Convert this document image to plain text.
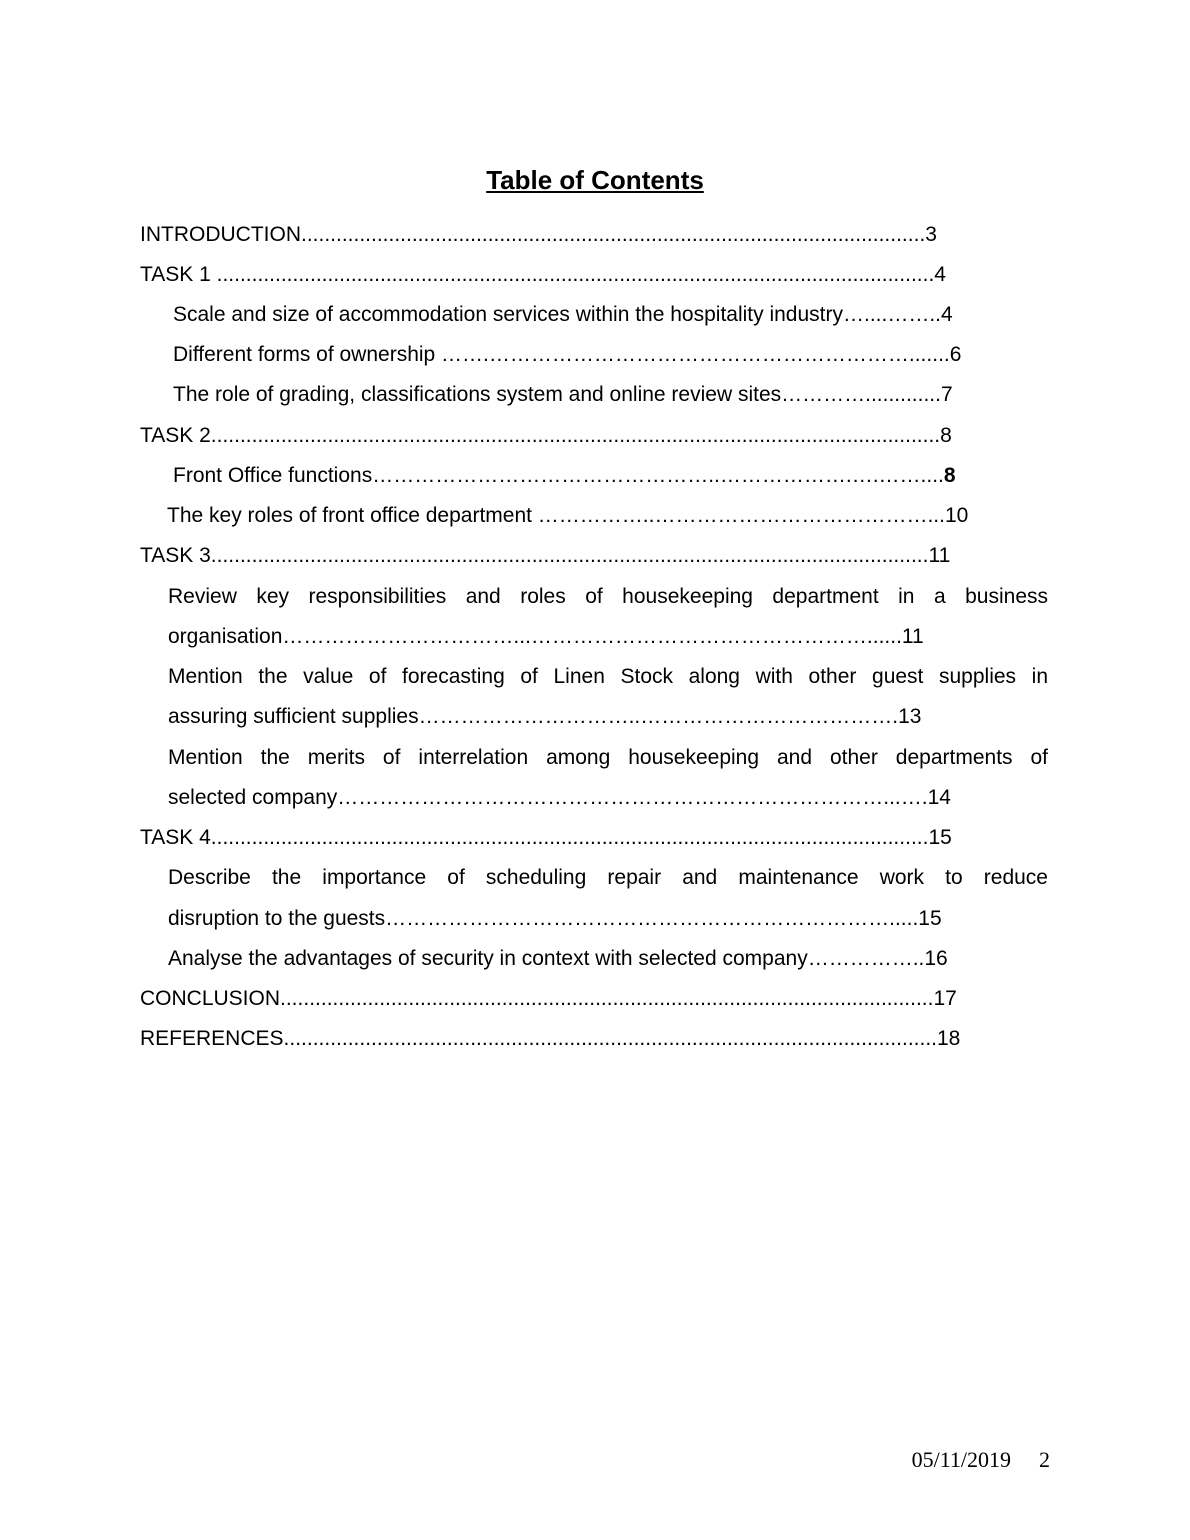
Table of Contents
INTRODUCTION...........................................................................................................3
TASK 1 ...........................................................................................................................4
Scale and size of accommodation services within the hospitality industry…....……..4
Different forms of ownership …….…………………………………………………….......6
The role of grading, classifications system and online review sites………….............7
TASK 2.............................................................................................................................8
Front Office functions…………………………………………..……………….….……....8
The key roles of front office department ……………..…………………………………...10
TASK 3...........................................................................................................................11
Review key responsibilities and roles of housekeeping department in a business
organisation……………………………...…………………………………………......11
Mention the value of forecasting of Linen Stock along with other guest supplies in
assuring sufficient supplies…………………………..……………………………….13
Mention the merits of interrelation among housekeeping and other departments of
selected company……………………………………………………………………...….14
TASK 4...........................................................................................................................15
Describe the importance of scheduling repair and maintenance work to reduce
disruption to the guests……………………………………………………………….....15
Analyse the advantages of security in context with selected company……………..16
CONCLUSION................................................................................................................17
REFERENCES................................................................................................................18

05/11/2019 2
